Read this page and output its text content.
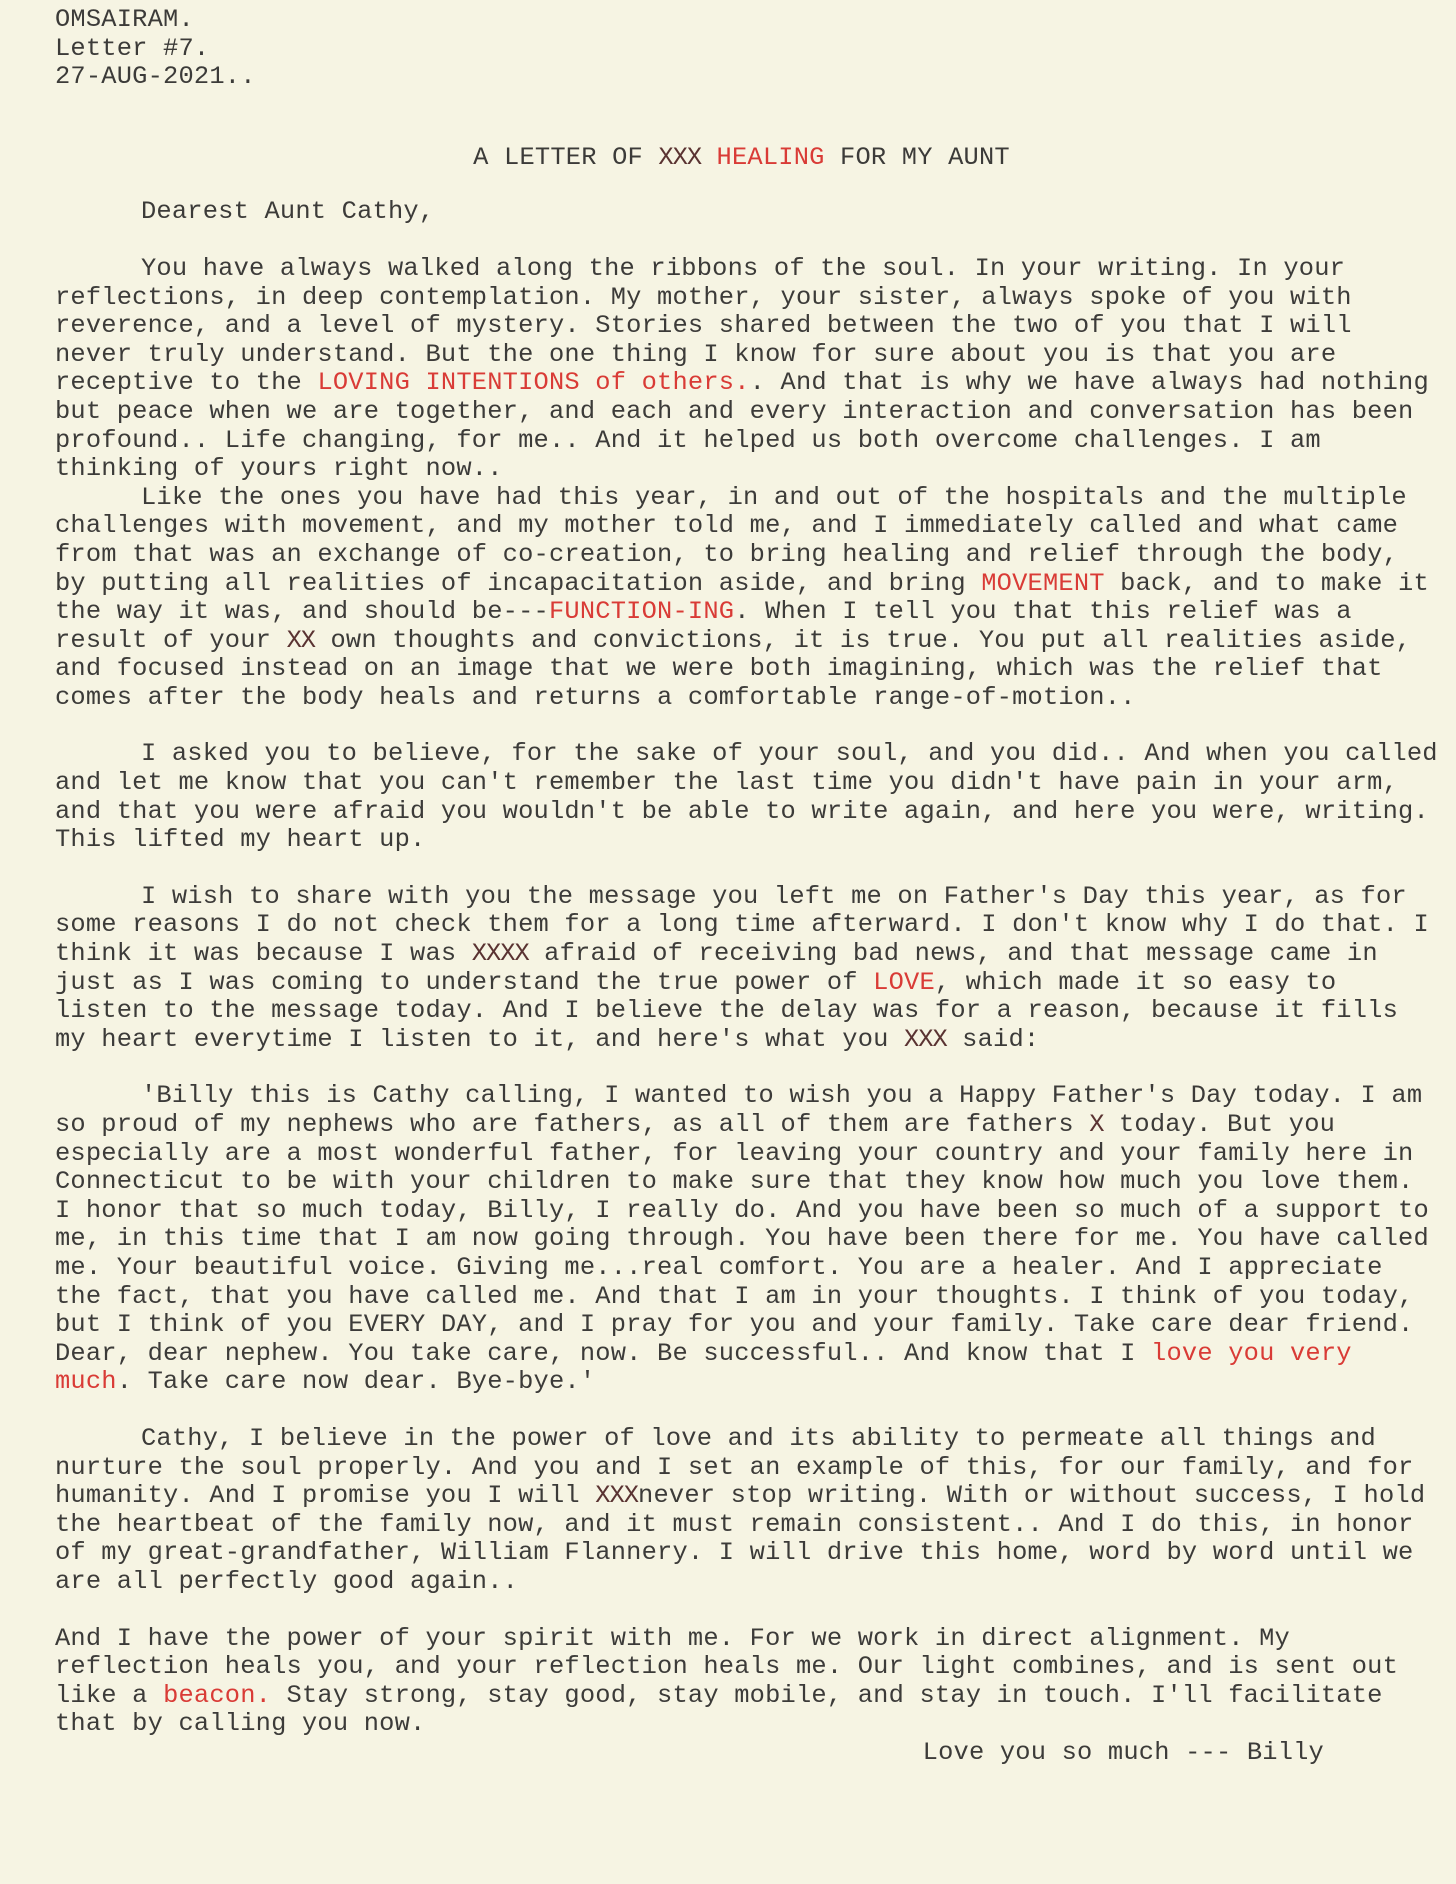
OMSAIRAM.
Letter #7.
27-AUG-2021..
A LETTER OF XXX HEALING FOR MY AUNT

Dearest Aunt Cathy,

You have always walked along the ribbons of the soul. In your writing. In your reflections, in deep contemplation. My mother, your sister, always spoke of you with reverence, and a level of mystery. Stories shared between the two of you that I will never truly understand. But the one thing I know for sure about you is that you are receptive to the LOVING INTENTIONS of others.. And that is why we have always had nothing but peace when we are together, and each and every interaction and conversation has been profound.. Life changing, for me.. And it helped us both overcome challenges. I am thinking of yours right now..

Like the ones you have had this year, in and out of the hospitals and the multiple challenges with movement, and my mother told me, and I immediately called and what came from that was an exchange of co-creation, to bring healing and relief through the body, by putting all realities of incapacitation aside, and bring MOVEMENT back, and to make it the way it was, and should be---FUNCTION-ING. When I tell you that this relief was a result of your XX own thoughts and convictions, it is true. You put all realities aside, and focused instead on an image that we were both imagining, which was the relief that comes after the body heals and returns a comfortable range-of-motion..

I asked you to believe, for the sake of your soul, and you did.. And when you called and let me know that you can't remember the last time you didn't have pain in your arm, and that you were afraid you wouldn't be able to write again, and here you were, writing. This lifted my heart up.

I wish to share with you the message you left me on Father's Day this year, as for some reasons I do not check them for a long time afterward. I don't know why I do that. I think it was because I was XXXX afraid of receiving bad news, and that message came in just as I was coming to understand the true power of LOVE, which made it so easy to listen to the message today. And I believe the delay was for a reason, because it fills my heart everytime I listen to it, and here's what you XXX said:

'Billy this is Cathy calling, I wanted to wish you a Happy Father's Day today. I am so proud of my nephews who are fathers, as all of them are fathers X today. But you especially are a most wonderful father, for leaving your country and your family here in Connecticut to be with your children to make sure that they know how much you love them. I honor that so much today, Billy, I really do. And you have been so much of a support to me, in this time that I am now going through. You have been there for me. You have called me. Your beautiful voice. Giving me...real comfort. You are a healer. And I appreciate the fact, that you have called me. And that I am in your thoughts. I think of you today, but I think of you EVERY DAY, and I pray for you and your family. Take care dear friend. Dear, dear nephew. You take care, now. Be successful.. And know that I love you very much. Take care now dear. Bye-bye.'

Cathy, I believe in the power of love and its ability to permeate all things and nurture the soul properly. And you and I set an example of this, for our family, and for humanity. And I promise you I will XXXnever stop writing. With or without success, I hold the heartbeat of the family now, and it must remain consistent.. And I do this, in honor of my great-grandfather, William Flannery. I will drive this home, word by word until we are all perfectly good again..

And I have the power of your spirit with me. For we work in direct alignment. My reflection heals you, and your reflection heals me. Our light combines, and is sent out like a beacon. Stay strong, stay good, stay mobile, and stay in touch. I'll facilitate that by calling you now.

Love you so much --- Billy
